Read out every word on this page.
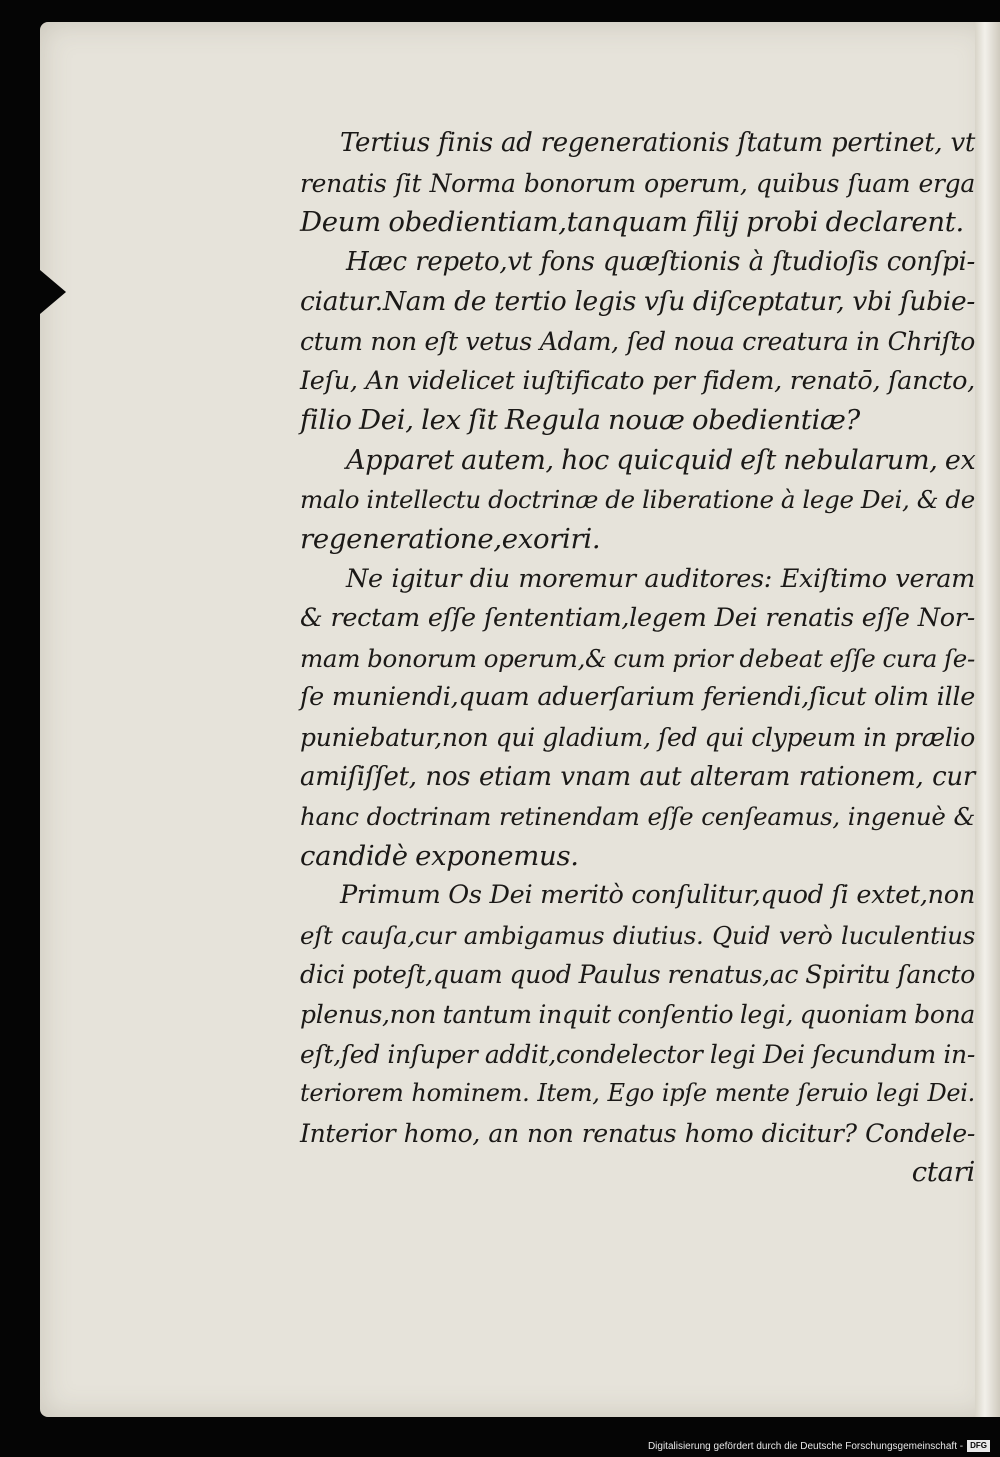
Tertius finis ad regenerationis ſtatum pertinet, vt
renatis ſit Norma bonorum operum, quibus ſuam erga
Deum obedientiam,tanquam filij probi declarent.
Hæc repeto,vt fons quæſtionis à ſtudioſis conſpi-
ciatur.Nam de tertio legis vſu diſceptatur, vbi ſubie-
ctum non eſt vetus Adam, ſed noua creatura in Chriſto
Ieſu, An videlicet iuſtificato per fidem, renatō, ſancto,
filio Dei, lex ſit Regula nouæ obedientiæ?
Apparet autem, hoc quicquid eſt nebularum, ex
malo intellectu doctrinæ de liberatione à lege Dei, & de
regeneratione,exoriri.
Ne igitur diu moremur auditores: Exiſtimo veram
& rectam eſſe ſententiam,legem Dei renatis eſſe Nor-
mam bonorum operum,& cum prior debeat eſſe cura ſe-
ſe muniendi,quam aduerſarium feriendi,ſicut olim ille
puniebatur,non qui gladium, ſed qui clypeum in prælio
amiſiſſet, nos etiam vnam aut alteram rationem, cur
hanc doctrinam retinendam eſſe cenſeamus, ingenuè &
candidè exponemus.
Primum Os Dei meritò conſulitur,quod ſi extet,non
eſt cauſa,cur ambigamus diutius. Quid verò luculentius
dici poteſt,quam quod Paulus renatus,ac Spiritu ſancto
plenus,non tantum inquit conſentio legi, quoniam bona
eſt,ſed inſuper addit,condelector legi Dei ſecundum in-
teriorem hominem. Item, Ego ipſe mente ſeruio legi Dei.
Interior homo, an non renatus homo dicitur? Condele-
ctari
Digitalisierung gefördert durch die Deutsche Forschungsgemeinschaft - DFG
